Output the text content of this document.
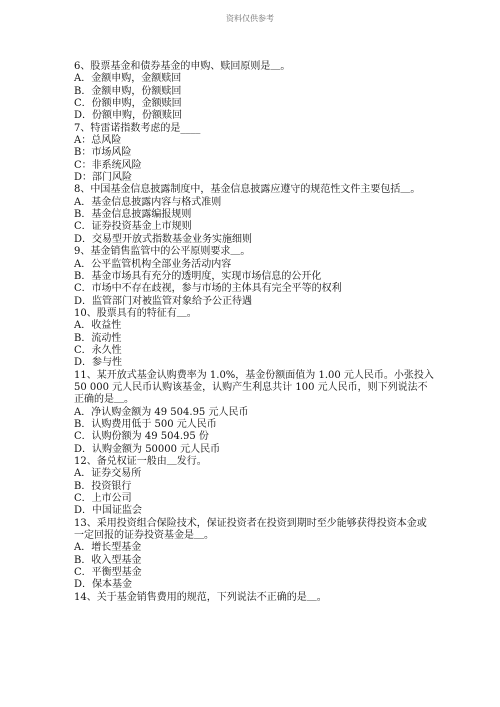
资料仅供参考
6、股票基金和债券基金的申购、赎回原则是＿。
A．金额申购，金额赎回
B．金额申购，份额赎回
C．份额申购，金额赎回
D．份额申购，份额赎回
7、特雷诺指数考虑的是____
A：总风险
B：市场风险
C：非系统风险
D：部门风险
8、中国基金信息披露制度中，基金信息披露应遵守的规范性文件主要包括＿。
A．基金信息披露内容与格式准则
B．基金信息披露编报规则
C．证券投资基金上市规则
D．交易型开放式指数基金业务实施细则
9、基金销售监管中的公平原则要求＿。
A．公平监管机构全部业务活动内容
B．基金市场具有充分的透明度，实现市场信息的公开化
C．市场中不存在歧视，参与市场的主体具有完全平等的权利
D．监管部门对被监管对象给予公正待遇
10、股票具有的特征有＿。
A．收益性
B．流动性
C．永久性
D．参与性
11、某开放式基金认购费率为 1.0%，基金份额面值为 1.00 元人民币。小张投入 50 000 元人民币认购该基金，认购产生利息共计 100 元人民币，则下列说法不正确的是＿。
A．净认购金额为 49 504.95 元人民币
B．认购费用低于 500 元人民币
C．认购份额为 49 504.95 份
D．认购金额为 50000 元人民币
12、备兑权证一般由＿发行。
A．证券交易所
B．投资银行
C．上市公司
D．中国证监会
13、采用投资组合保险技术，保证投资者在投资到期时至少能够获得投资本金或一定回报的证券投资基金是＿。
A．增长型基金
B．收入型基金
C．平衡型基金
D．保本基金
14、关于基金销售费用的规范，下列说法不正确的是＿。
